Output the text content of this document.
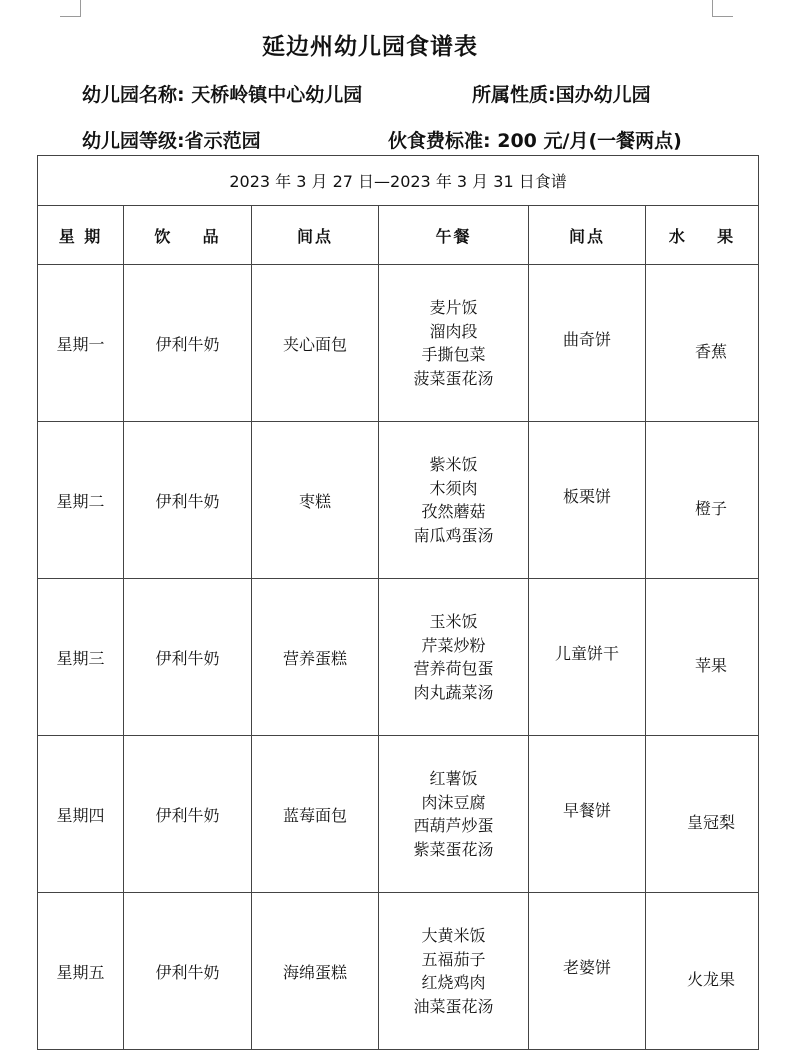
延边州幼儿园食谱表
幼儿园名称: 天桥岭镇中心幼儿园	所属性质:国办幼儿园
幼儿园等级:省示范园	伙食费标准: 200 元/月(一餐两点)
2023 年 3 月 27 日—2023 年 3 月 31 日食谱					
星 期	饮    品	间点	午餐	间点	水    果
星期一	伊利牛奶	夹心面包	麦片饭
溜肉段
手撕包菜
菠菜蛋花汤	曲奇饼	香蕉
星期二	伊利牛奶	枣糕	紫米饭
木须肉
孜然蘑菇
南瓜鸡蛋汤	板栗饼	橙子
星期三	伊利牛奶	营养蛋糕	玉米饭
芹菜炒粉
营养荷包蛋
肉丸蔬菜汤	儿童饼干	苹果
星期四	伊利牛奶	蓝莓面包	红薯饭
肉沫豆腐
西葫芦炒蛋
紫菜蛋花汤	早餐饼	皇冠梨
星期五	伊利牛奶	海绵蛋糕	大黄米饭
五福茄子
红烧鸡肉
油菜蛋花汤	老婆饼	火龙果
